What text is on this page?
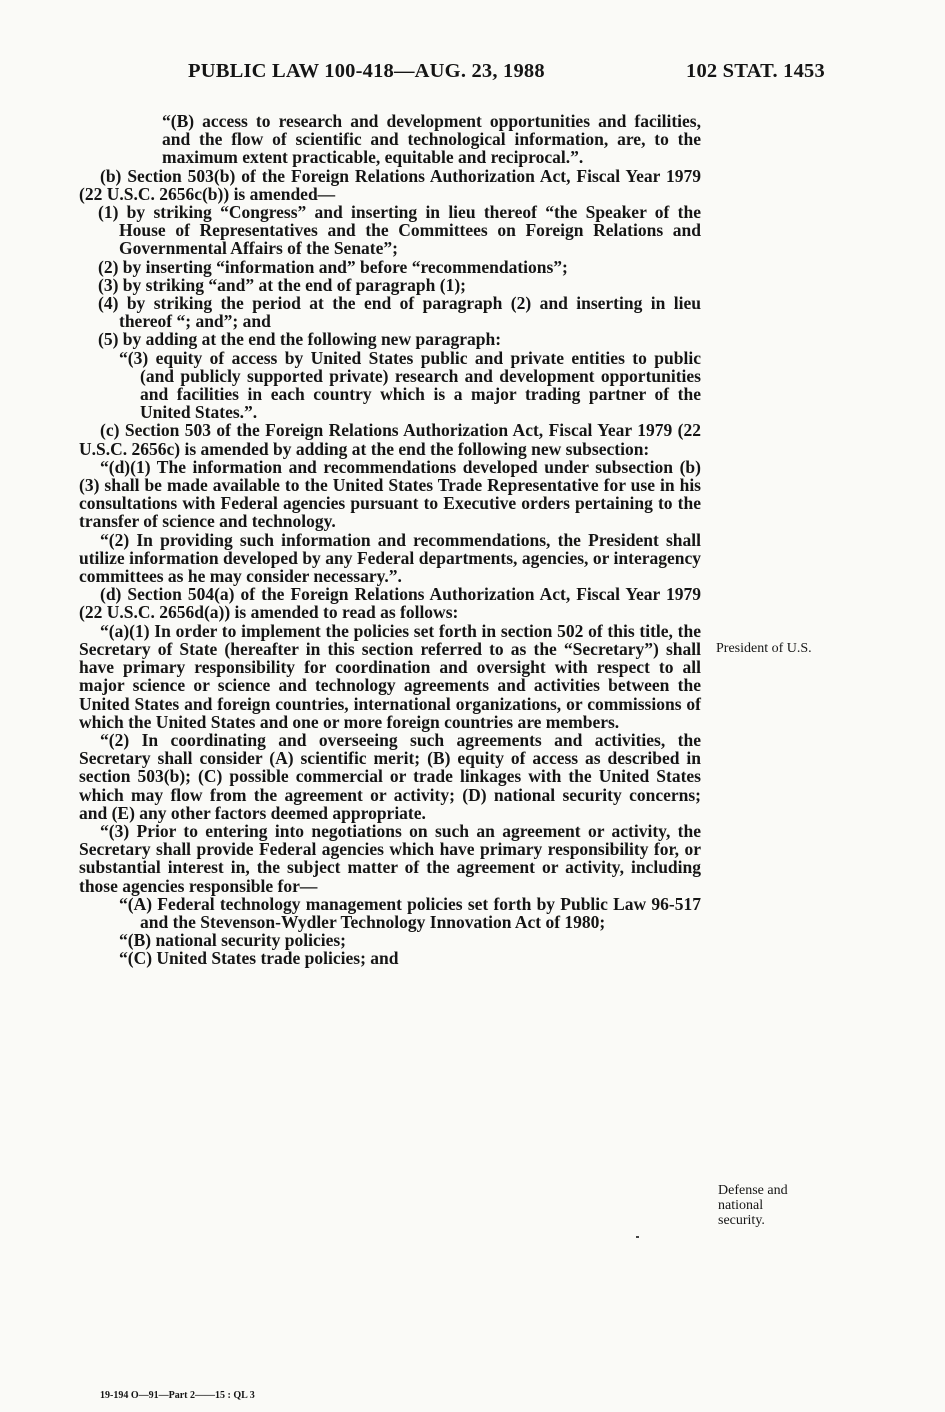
PUBLIC LAW 100-418—AUG. 23, 1988	102 STAT. 1453

“(B) access to research and development opportunities and facilities, and the flow of scientific and technological information, are, to the maximum extent practicable, equitable and reciprocal.”.

(b) Section 503(b) of the Foreign Relations Authorization Act, Fiscal Year 1979 (22 U.S.C. 2656c(b)) is amended—

(1) by striking “Congress” and inserting in lieu thereof “the Speaker of the House of Representatives and the Committees on Foreign Relations and Governmental Affairs of the Senate”;

(2) by inserting “information and” before “recommendations”;

(3) by striking “and” at the end of paragraph (1);

(4) by striking the period at the end of paragraph (2) and inserting in lieu thereof “; and”; and

(5) by adding at the end the following new paragraph:

“(3) equity of access by United States public and private entities to public (and publicly supported private) research and development opportunities and facilities in each country which is a major trading partner of the United States.”.

(c) Section 503 of the Foreign Relations Authorization Act, Fiscal Year 1979 (22 U.S.C. 2656c) is amended by adding at the end the following new subsection:

“(d)(1) The information and recommendations developed under subsection (b)(3) shall be made available to the United States Trade Representative for use in his consultations with Federal agencies pursuant to Executive orders pertaining to the transfer of science and technology.

“(2) In providing such information and recommendations, the President shall utilize information developed by any Federal departments, agencies, or interagency committees as he may consider necessary.”.

(d) Section 504(a) of the Foreign Relations Authorization Act, Fiscal Year 1979 (22 U.S.C. 2656d(a)) is amended to read as follows:

“(a)(1) In order to implement the policies set forth in section 502 of this title, the Secretary of State (hereafter in this section referred to as the “Secretary”) shall have primary responsibility for coordination and oversight with respect to all major science or science and technology agreements and activities between the United States and foreign countries, international organizations, or commissions of which the United States and one or more foreign countries are members.

“(2) In coordinating and overseeing such agreements and activities, the Secretary shall consider (A) scientific merit; (B) equity of access as described in section 503(b); (C) possible commercial or trade linkages with the United States which may flow from the agreement or activity; (D) national security concerns; and (E) any other factors deemed appropriate.

“(3) Prior to entering into negotiations on such an agreement or activity, the Secretary shall provide Federal agencies which have primary responsibility for, or substantial interest in, the subject matter of the agreement or activity, including those agencies responsible for—

“(A) Federal technology management policies set forth by Public Law 96-517 and the Stevenson-Wydler Technology Innovation Act of 1980;

“(B) national security policies;

“(C) United States trade policies; and

President of U.S.
Defense and
national
security.
19-194 O—91—Part 2——15 : QL 3
